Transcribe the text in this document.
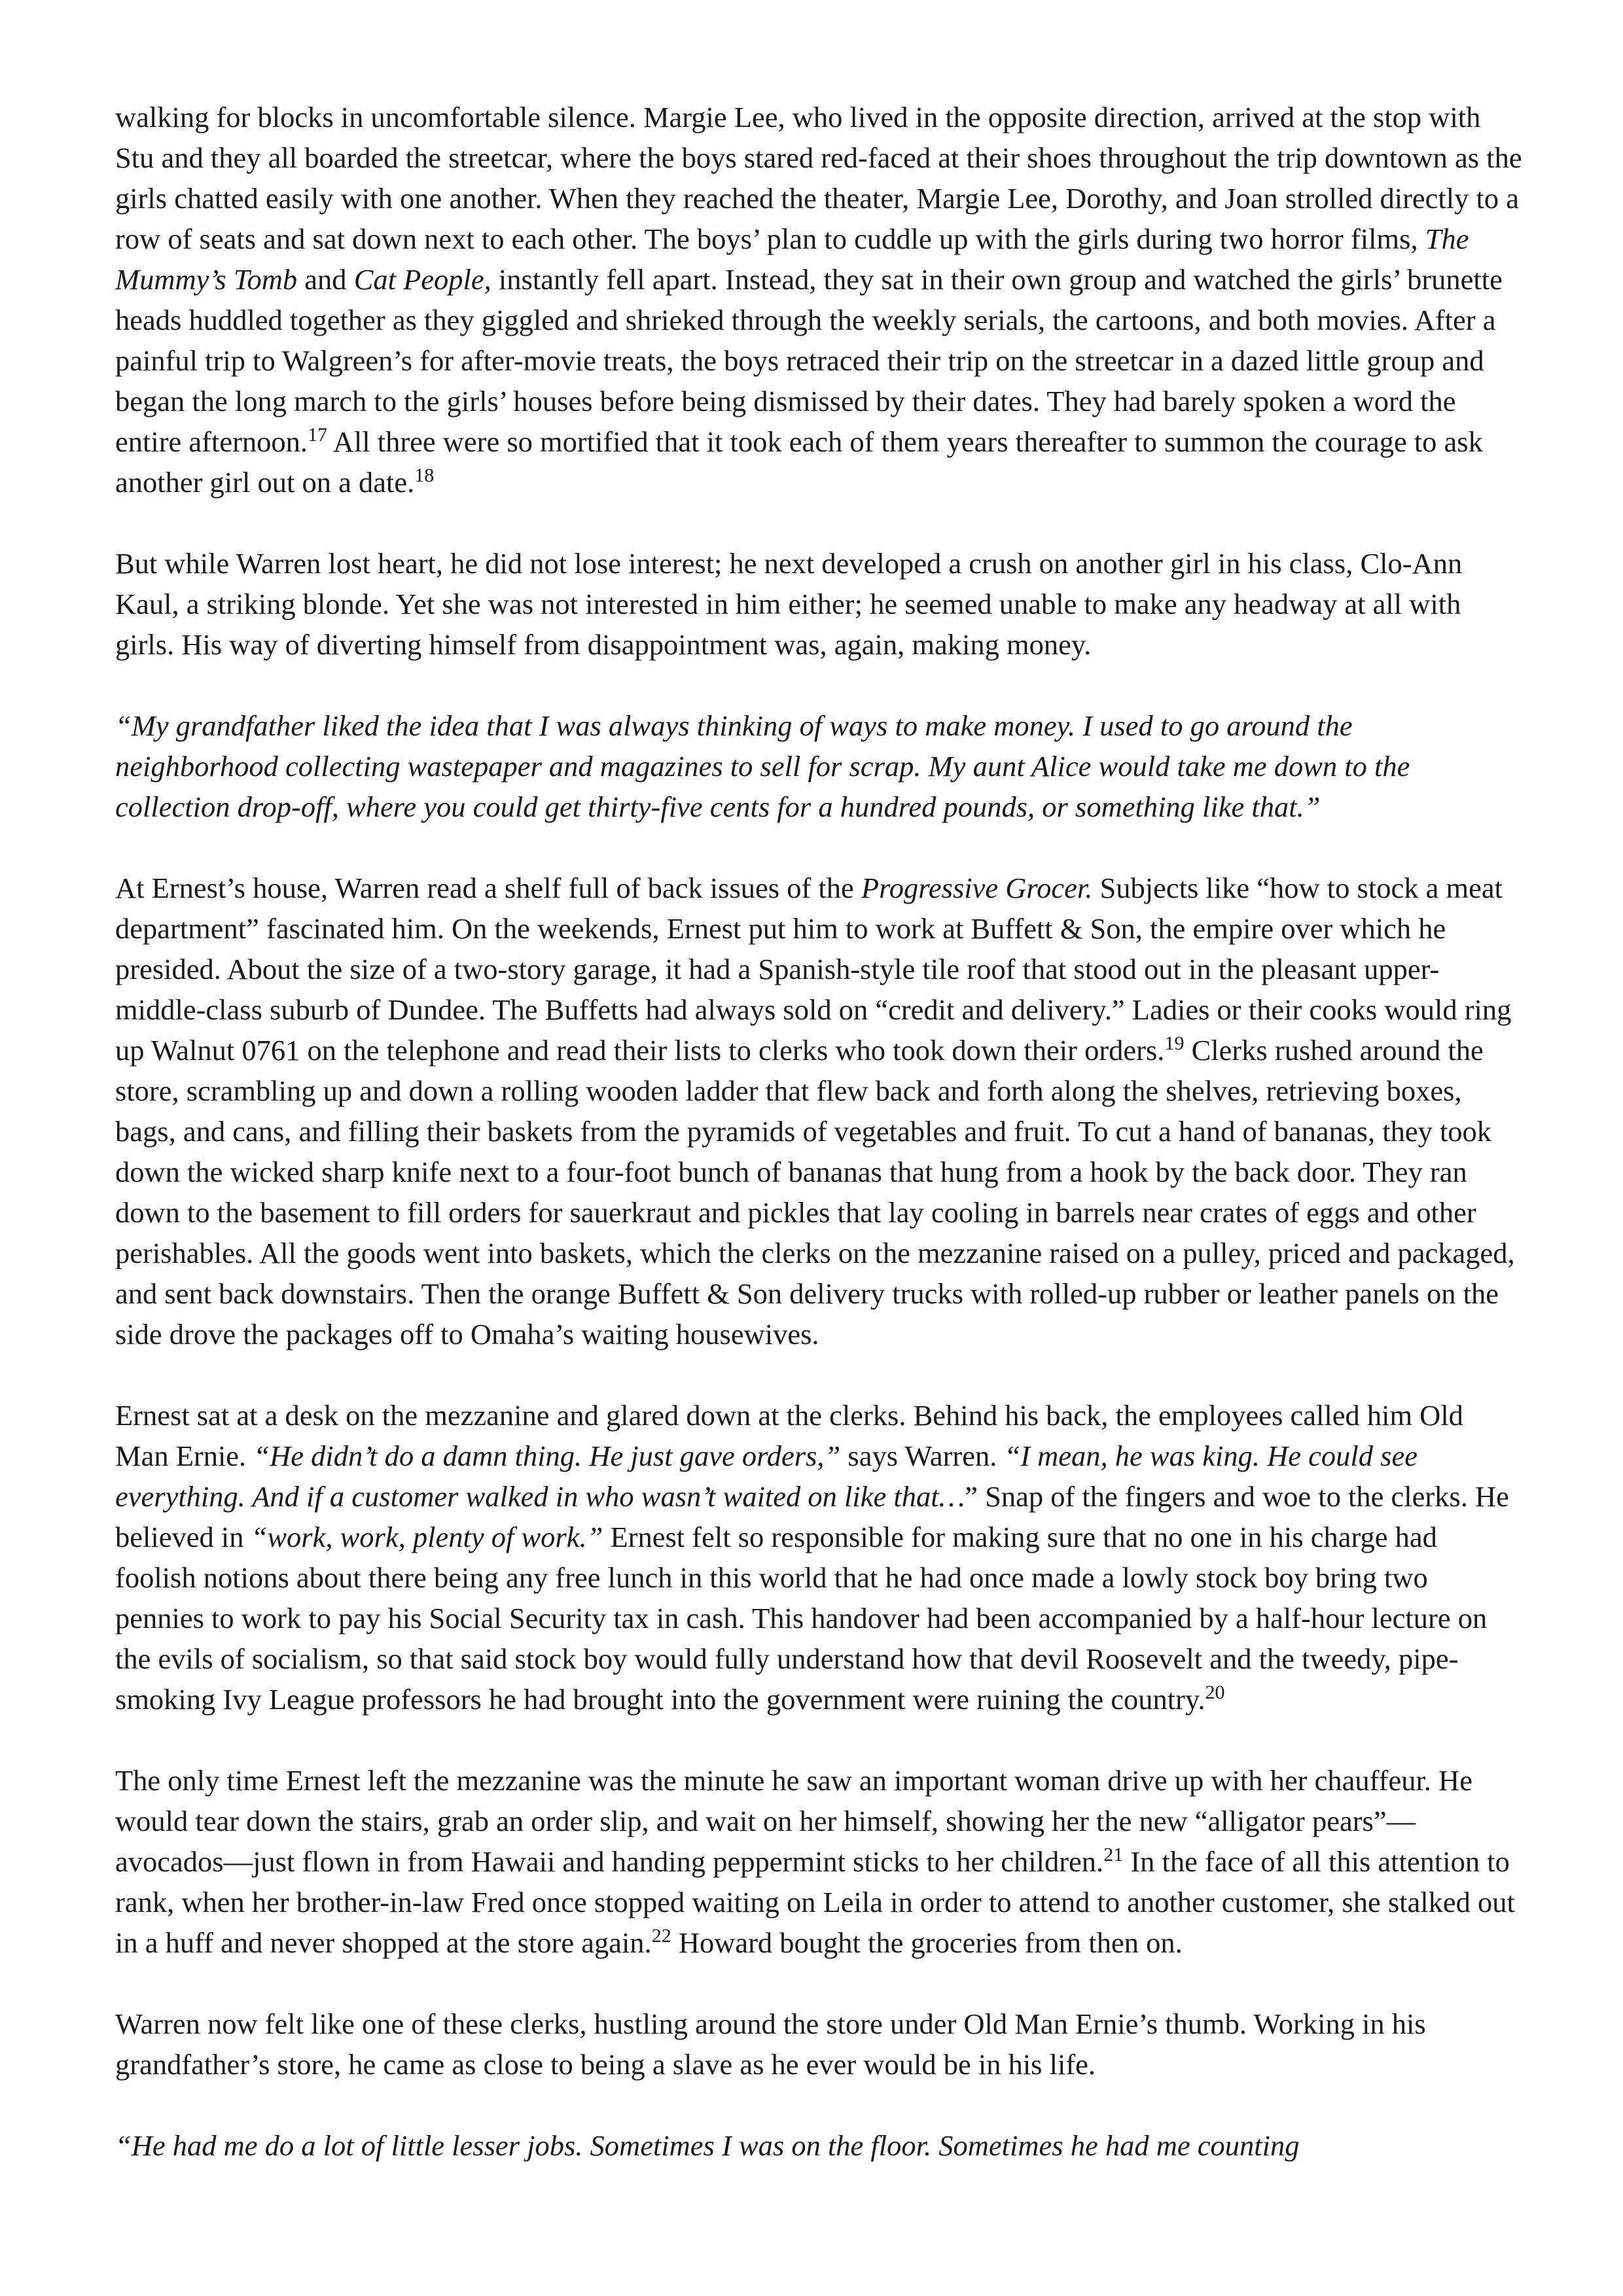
walking for blocks in uncomfortable silence. Margie Lee, who lived in the opposite direction, arrived at the stop with Stu and they all boarded the streetcar, where the boys stared red-faced at their shoes throughout the trip downtown as the girls chatted easily with one another. When they reached the theater, Margie Lee, Dorothy, and Joan strolled directly to a row of seats and sat down next to each other. The boys’ plan to cuddle up with the girls during two horror films, The Mummy’s Tomb and Cat People, instantly fell apart. Instead, they sat in their own group and watched the girls’ brunette heads huddled together as they giggled and shrieked through the weekly serials, the cartoons, and both movies. After a painful trip to Walgreen’s for after-movie treats, the boys retraced their trip on the streetcar in a dazed little group and began the long march to the girls’ houses before being dismissed by their dates. They had barely spoken a word the entire afternoon.$^{17}$ All three were so mortified that it took each of them years thereafter to summon the courage to ask another girl out on a date.$^{18}$

But while Warren lost heart, he did not lose interest; he next developed a crush on another girl in his class, Clo-Ann Kaul, a striking blonde. Yet she was not interested in him either; he seemed unable to make any headway at all with girls. His way of diverting himself from disappointment was, again, making money.

“My grandfather liked the idea that I was always thinking of ways to make money. I used to go around the neighborhood collecting wastepaper and magazines to sell for scrap. My aunt Alice would take me down to the collection drop-off, where you could get thirty-five cents for a hundred pounds, or something like that.”

At Ernest’s house, Warren read a shelf full of back issues of the Progressive Grocer. Subjects like “how to stock a meat department” fascinated him. On the weekends, Ernest put him to work at Buffett & Son, the empire over which he presided. About the size of a two-story garage, it had a Spanish-style tile roof that stood out in the pleasant upper-middle-class suburb of Dundee. The Buffetts had always sold on “credit and delivery.” Ladies or their cooks would ring up Walnut 0761 on the telephone and read their lists to clerks who took down their orders.$^{19}$ Clerks rushed around the store, scrambling up and down a rolling wooden ladder that flew back and forth along the shelves, retrieving boxes, bags, and cans, and filling their baskets from the pyramids of vegetables and fruit. To cut a hand of bananas, they took down the wicked sharp knife next to a four-foot bunch of bananas that hung from a hook by the back door. They ran down to the basement to fill orders for sauerkraut and pickles that lay cooling in barrels near crates of eggs and other perishables. All the goods went into baskets, which the clerks on the mezzanine raised on a pulley, priced and packaged, and sent back downstairs. Then the orange Buffett & Son delivery trucks with rolled-up rubber or leather panels on the side drove the packages off to Omaha’s waiting housewives.

Ernest sat at a desk on the mezzanine and glared down at the clerks. Behind his back, the employees called him Old Man Ernie. “He didn’t do a damn thing. He just gave orders,” says Warren. “I mean, he was king. He could see everything. And if a customer walked in who wasn’t waited on like that…” Snap of the fingers and woe to the clerks. He believed in “work, work, plenty of work.” Ernest felt so responsible for making sure that no one in his charge had foolish notions about there being any free lunch in this world that he had once made a lowly stock boy bring two pennies to work to pay his Social Security tax in cash. This handover had been accompanied by a half-hour lecture on the evils of socialism, so that said stock boy would fully understand how that devil Roosevelt and the tweedy, pipe-smoking Ivy League professors he had brought into the government were ruining the country.$^{20}$

The only time Ernest left the mezzanine was the minute he saw an important woman drive up with her chauffeur. He would tear down the stairs, grab an order slip, and wait on her himself, showing her the new “alligator pears”—avocados—just flown in from Hawaii and handing peppermint sticks to her children.$^{21}$ In the face of all this attention to rank, when her brother-in-law Fred once stopped waiting on Leila in order to attend to another customer, she stalked out in a huff and never shopped at the store again.$^{22}$ Howard bought the groceries from then on.

Warren now felt like one of these clerks, hustling around the store under Old Man Ernie’s thumb. Working in his grandfather’s store, he came as close to being a slave as he ever would be in his life.

“He had me do a lot of little lesser jobs. Sometimes I was on the floor. Sometimes he had me counting
